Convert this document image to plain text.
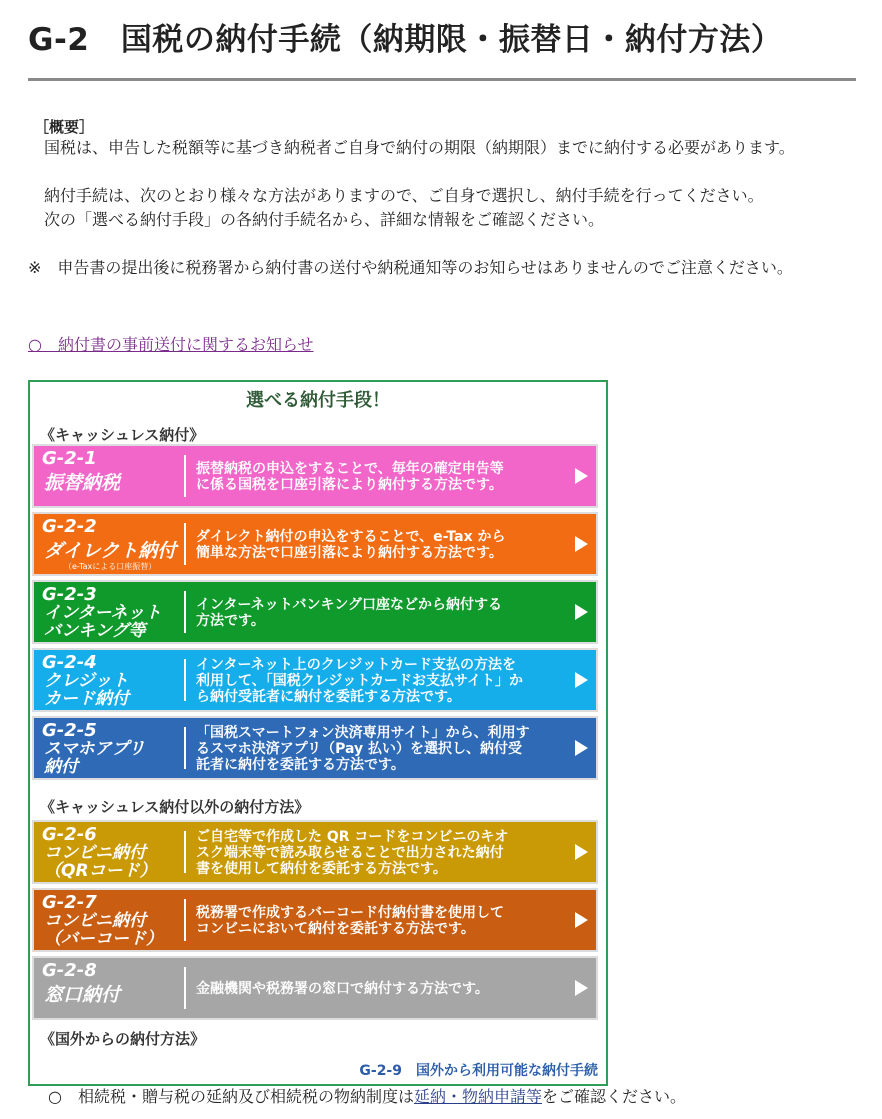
G-2　国税の納付手続（納期限・振替日・納付方法）
［概要］

国税は、申告した税額等に基づき納税者ご自身で納付の期限（納期限）までに納付する必要があります。

納付手続は、次のとおり様々な方法がありますので、ご自身で選択し、納付手続を行ってください。

次の「選べる納付手段」の各納付手続名から、詳細な情報をご確認ください。

※　申告書の提出後に税務署から納付書の送付や納税通知等のお知らせはありませんのでご注意ください。

○　納付書の事前送付に関するお知らせ
選べる納付手段！
《キャッシュレス納付》
《キャッシュレス納付以外の納付方法》
《国外からの納付方法》
G-2-1
振替納税
振替納税の申込をすることで、毎年の確定申告等
に係る国税を口座引落により納付する方法です。
G-2-2
ダイレクト納付
（e-Taxによる口座振替）
ダイレクト納付の申込をすることで、e-Tax から
簡単な方法で口座引落により納付する方法です。
G-2-3
インターネット
バンキング等
インターネットバンキング口座などから納付する
方法です。
G-2-4
クレジット
カード納付
インターネット上のクレジットカード支払の方法を
利用して、「国税クレジットカードお支払サイト」か
ら納付受託者に納付を委託する方法です。
G-2-5
スマホアプリ
納付
「国税スマートフォン決済専用サイト」から、利用す
るスマホ決済アプリ（Pay 払い）を選択し、納付受
託者に納付を委託する方法です。
G-2-6
コンビニ納付
（QRコード）
ご自宅等で作成した QR コードをコンビニのキオ
スク端末等で読み取らせることで出力された納付
書を使用して納付を委託する方法です。
G-2-7
コンビニ納付
（バーコード）
税務署で作成するバーコード付納付書を使用して
コンビニにおいて納付を委託する方法です。
G-2-8
窓口納付	金融機関や税務署の窓口で納付する方法です。
G-2-9　国外から利用可能な納付手続
○　相続税・贈与税の延納及び相続税の物納制度は延納・物納申請等をご確認ください。
